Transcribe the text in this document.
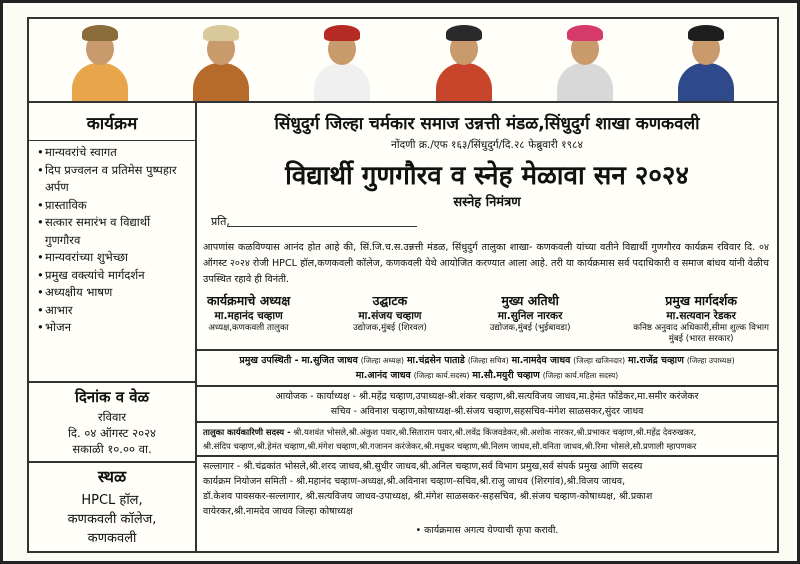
कार्यक्रम
• मान्यवरांचे स्वागत
• दिप प्रज्वलन व प्रतिमेस पुष्पहार अर्पण
• प्रास्ताविक
• सत्कार समारंभ व विद्यार्थी गुणगौरव
• मान्यवरांच्या शुभेच्छा
• प्रमुख वक्त्यांचे मार्गदर्शन
• अध्यक्षीय भाषण
• आभार
• भोजन
दिनांक व वेळ
रविवार
दि. ०४ ऑगस्ट २०२४
सकाळी १०.०० वा.
स्थळ
HPCL हॉल,
कणकवली कॉलेज,
कणकवली
सिंधुदुर्ग जिल्हा चर्मकार समाज उन्नत्ती मंडळ,सिंधुदुर्ग शाखा कणकवली
नोंदणी क्र./एफ १६३/सिंधुदुर्ग/दि.२८ फेब्रुवारी १९८४
विद्यार्थी गुणगौरव व स्नेह मेळावा सन २०२४
सस्नेह निमंत्रण
प्रति,
आपणांस कळविण्यास आनंद होत आहे की, सिं.जि.च.स.उन्नत्ती मंडळ, सिंधुदुर्ग तालुका शाखा- कणकवली यांच्या वतीने विद्यार्थी गुणगौरव कार्यक्रम रविवार दि. ०४ ऑगस्ट २०२४ रोजी HPCL हॉल,कणकवली कॉलेज, कणकवली येथे आयोजित करण्यात आला आहे. तरी या कार्यक्रमास सर्व पदाधिकारी व समाज बांधव यांनी वेळीच उपस्थित रहावे ही विनंती.
कार्यक्रमाचे अध्यक्ष
मा.महानंद चव्हाण
अध्यक्ष,कणकवली तालुका
उद्घाटक
मा.संजय चव्हाण
उद्योजक,मुंबई (शिरवल)
मुख्य अतिथी
मा.सुनिल नारकर
उद्योजक,मुंबई (भुईबावडा)
प्रमुख मार्गदर्शक
मा.सत्यवान रेडकर
कनिष्ठ अनुवाद अधिकारी,सीमा शुल्क विभाग
मुंबई (भारत सरकार)
प्रमुख उपस्थिती - मा.सुजित जाधव (जिल्हा अध्यक्ष) मा.चंद्रसेन पाताडे (जिल्हा सचिव) मा.नामदेव जाधव (जिल्हा खजिनदार) मा.राजेंद्र चव्हाण (जिल्हा उपाध्यक्ष)
मा.आनंद जाधव (जिल्हा कार्य.सदस्य) मा.सौ.मयुरी चव्हाण (जिल्हा कार्य.महिला सदस्य)
आयोजक - कार्याध्यक्ष - श्री.महेंद्र चव्हाण,उपाध्यक्ष-श्री.शंकर चव्हाण,श्री.सत्यविजय जाधव,मा.हेमंत फोंडेकर,मा.समीर करंजेकर
सचिव - अविनाश चव्हाण,कोषाध्यक्ष-श्री.संजय चव्हाण,सहसचिव-मंगेश साळसकर,सुंदर जाधव
तालुका कार्यकारिणी सदस्य - श्री.यशवंत भोसले,श्री.अंकुश पवार,श्री.सिताराम पवार,श्री.लवेंद्र किंजवडेकर,श्री.अशोक नारकर,श्री.प्रभाकर चव्हाण,श्री.महेंद्र देवरुखकर,
श्री.संदिप चव्हाण,श्री.हेमंत चव्हाण,श्री.मंगेश चव्हाण,श्री.गजानन करंजेकर,श्री.मधुकर चव्हाण,श्री.निलम जाधव,सौ.वनिता जाधव,श्री.रिमा भोसले,सौ.प्रणाली म्हापणकर
सल्लागार - श्री.चंद्रकांत भोसले,श्री.शरद जाधव,श्री.सुधीर जाधव,श्री.अनिल चव्हाण,सर्व विभाग प्रमुख,सर्व संपर्क प्रमुख आणि सदस्य
कार्यक्रम नियोजन समिती - श्री.महानंद चव्हाण-अध्यक्ष,श्री.अविनाश चव्हाण-सचिव,श्री.राजु जाधव (शिरगांव),श्री.विजय जाधव,
डॉ.केशव पावसकर-सल्लागार, श्री.सत्यविजय जाधव-उपाध्यक्ष, श्री.मंगेश साळसकर-सहसचिव, श्री.संजय चव्हाण-कोषाध्यक्ष, श्री.प्रकाश
वायेरकर,श्री.नामदेव जाधव जिल्हा कोषाध्यक्ष
• कार्यक्रमास अगत्य येण्याची कृपा करावी.
